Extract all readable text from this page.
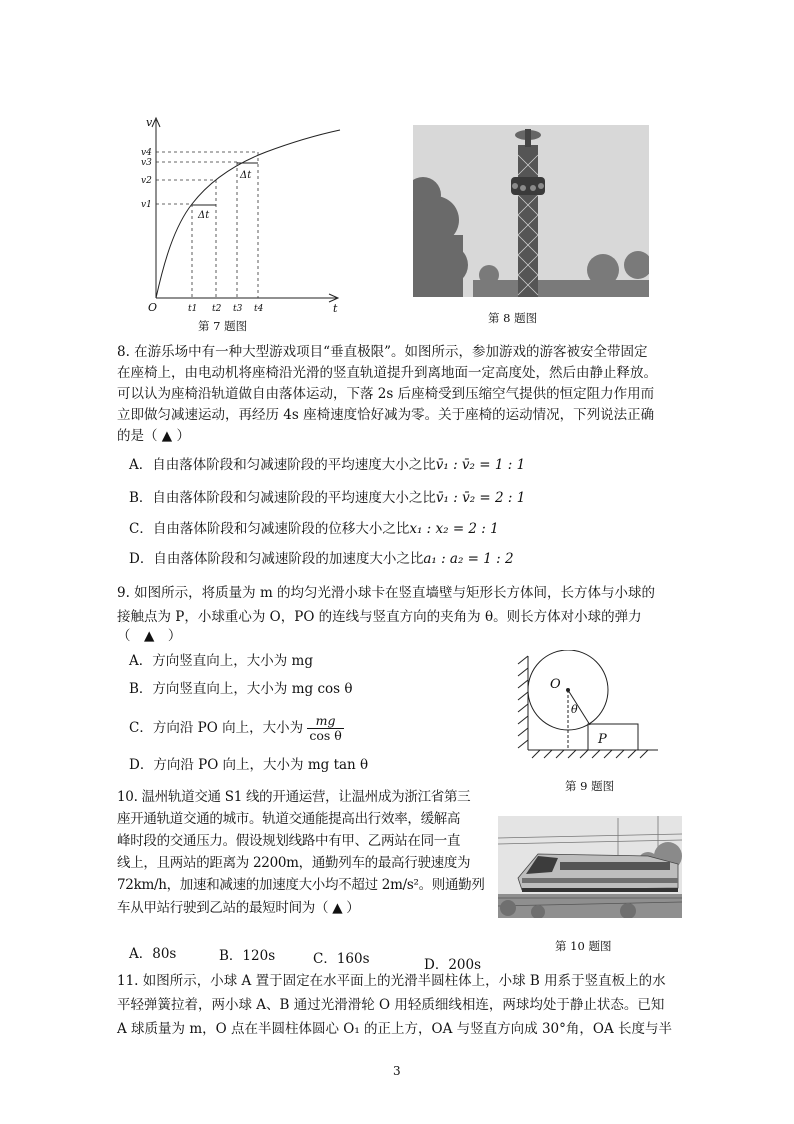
v
t
O
v4
v3
v2
v1
t1 t2 t3 t4
Δt
Δt
第 7 题图
第 8 题图
8. 在游乐场中有一种大型游戏项目“垂直极限”。如图所示，参加游戏的游客被安全带固定
在座椅上，由电动机将座椅沿光滑的竖直轨道提升到离地面一定高度处，然后由静止释放。
可以认为座椅沿轨道做自由落体运动，下落 2s 后座椅受到压缩空气提供的恒定阻力作用而
立即做匀减速运动，再经历 4s 座椅速度恰好减为零。关于座椅的运动情况，下列说法正确
的是（ ▲ ）
A．自由落体阶段和匀减速阶段的平均速度大小之比v̄₁ : v̄₂ = 1 : 1
B．自由落体阶段和匀减速阶段的平均速度大小之比v̄₁ : v̄₂ = 2 : 1
C．自由落体阶段和匀减速阶段的位移大小之比x₁ : x₂ = 2 : 1
D．自由落体阶段和匀减速阶段的加速度大小之比a₁ : a₂ = 1 : 2
9. 如图所示，将质量为 m 的均匀光滑小球卡在竖直墙壁与矩形长方体间，长方体与小球的
接触点为 P，小球重心为 O，PO 的连线与竖直方向的夹角为 θ。则长方体对小球的弹力
（　▲　）
A．方向竖直向上，大小为 mg
B．方向竖直向上，大小为 mg cos θ
C．方向沿 PO 向上，大小为 $\frac{mg}{\text{cos θ}}$
D．方向沿 PO 向上，大小为 mg tan θ
O
θ
P
第 9 题图
10. 温州轨道交通 S1 线的开通运营，让温州成为浙江省第三
座开通轨道交通的城市。轨道交通能提高出行效率，缓解高
峰时段的交通压力。假设规划线路中有甲、乙两站在同一直
线上，且两站的距离为 2200m，通勤列车的最高行驶速度为
72km/h，加速和减速的加速度大小均不超过 2m/s²。则通勤列
车从甲站行驶到乙站的最短时间为（ ▲ ）
A．80s	B．120s	C．160s	D．200s
第 10 题图
11. 如图所示，小球 A 置于固定在水平面上的光滑半圆柱体上，小球 B 用系于竖直板上的水
平轻弹簧拉着，两小球 A、B 通过光滑滑轮 O 用轻质细线相连，两球均处于静止状态。已知
A 球质量为 m，O 点在半圆柱体圆心 O₁ 的正上方，OA 与竖直方向成 30°角，OA 长度与半
3
